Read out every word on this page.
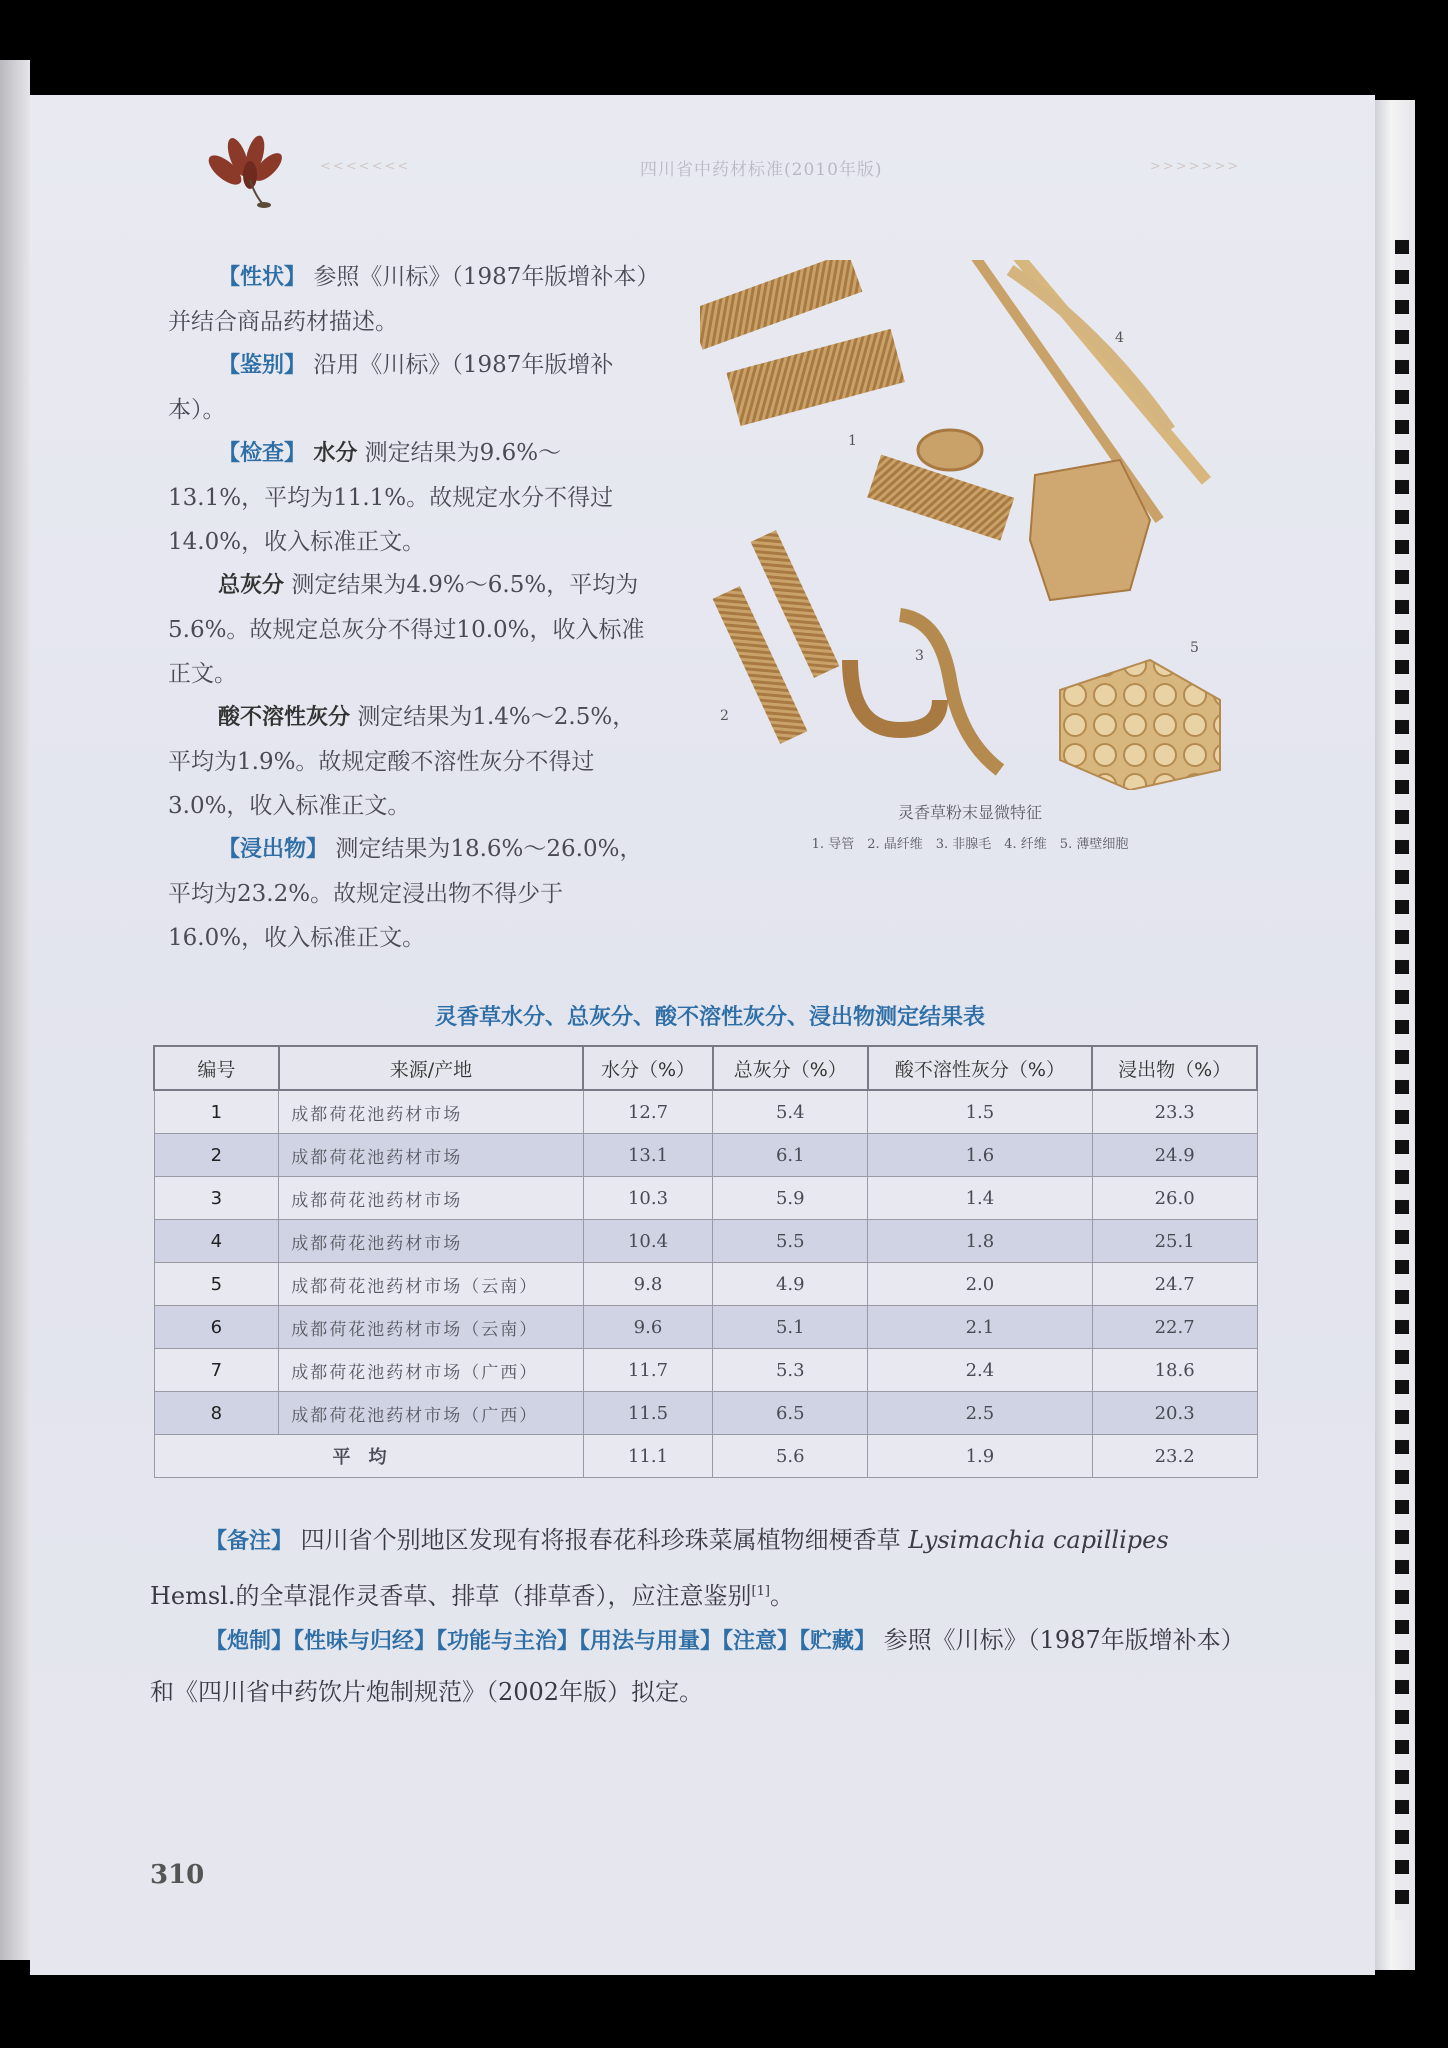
<<<<<<<	四川省中药材标准(2010年版)	>>>>>>>
【性状】 参照《川标》（1987年版增补本）并结合商品药材描述。
【鉴别】 沿用《川标》（1987年版增补本）。
【检查】 水分 测定结果为9.6%～13.1%，平均为11.1%。故规定水分不得过14.0%，收入标准正文。
总灰分 测定结果为4.9%～6.5%，平均为5.6%。故规定总灰分不得过10.0%，收入标准正文。
酸不溶性灰分 测定结果为1.4%～2.5%，平均为1.9%。故规定酸不溶性灰分不得过3.0%，收入标准正文。
【浸出物】 测定结果为18.6%～26.0%，平均为23.2%。故规定浸出物不得少于16.0%，收入标准正文。
1
2
3
4
5
灵香草粉末显微特征
1. 导管　2. 晶纤维　3. 非腺毛　4. 纤维　5. 薄壁细胞
灵香草水分、总灰分、酸不溶性灰分、浸出物测定结果表
编号	来源/产地	水分（%）	总灰分（%）	酸不溶性灰分（%）	浸出物（%）
1	成都荷花池药材市场	12.7	5.4	1.5	23.3
2	成都荷花池药材市场	13.1	6.1	1.6	24.9
3	成都荷花池药材市场	10.3	5.9	1.4	26.0
4	成都荷花池药材市场	10.4	5.5	1.8	25.1
5	成都荷花池药材市场（云南）	9.8	4.9	2.0	24.7
6	成都荷花池药材市场（云南）	9.6	5.1	2.1	22.7
7	成都荷花池药材市场（广西）	11.7	5.3	2.4	18.6
8	成都荷花池药材市场（广西）	11.5	6.5	2.5	20.3
平均		11.1	5.6	1.9	23.2
【备注】 四川省个别地区发现有将报春花科珍珠菜属植物细梗香草 Lysimachia capillipes Hemsl.的全草混作灵香草、排草（排草香），应注意鉴别[1]。
【炮制】【性味与归经】【功能与主治】【用法与用量】【注意】【贮藏】 参照《川标》（1987年版增补本）和《四川省中药饮片炮制规范》（2002年版）拟定。
310
